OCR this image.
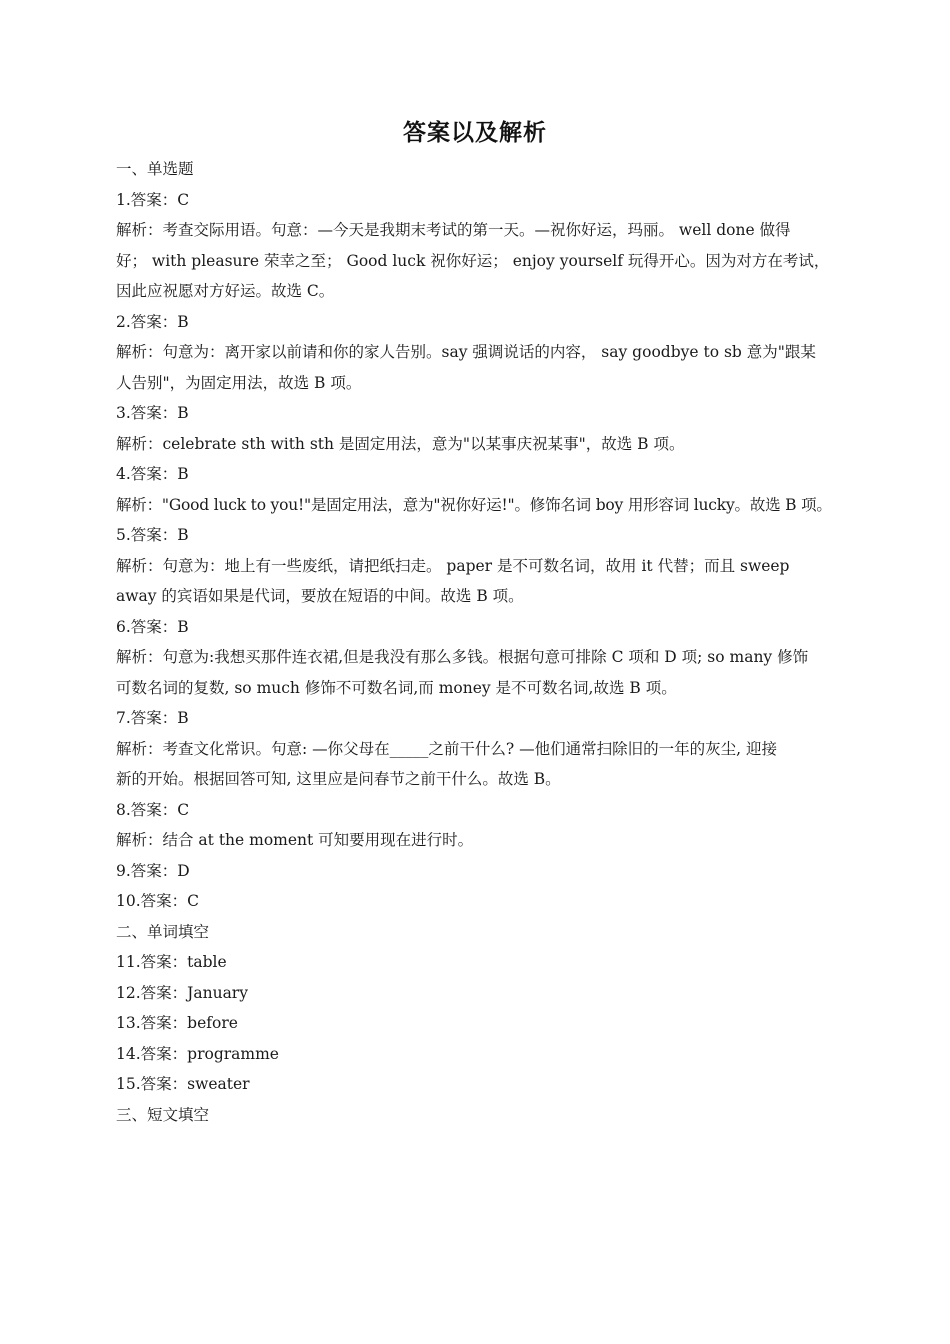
答案以及解析

一、单选题

1.答案：C

解析：考查交际用语。句意：—今天是我期末考试的第一天。—祝你好运，玛丽。 well done 做得

好； with pleasure 荣幸之至； Good luck 祝你好运； enjoy yourself 玩得开心。因为对方在考试，

因此应祝愿对方好运。故选 C。

2.答案：B

解析：句意为：离开家以前请和你的家人告别。say 强调说话的内容， say goodbye to sb 意为"跟某

人告别"，为固定用法，故选 B 项。

3.答案：B

解析：celebrate sth with sth 是固定用法，意为"以某事庆祝某事"，故选 B 项。

4.答案：B

解析："Good luck to you!"是固定用法，意为"祝你好运!"。修饰名词 boy 用形容词 lucky。故选 B 项。

5.答案：B

解析：句意为：地上有一些废纸，请把纸扫走。 paper 是不可数名词，故用 it 代替；而且 sweep

away 的宾语如果是代词，要放在短语的中间。故选 B 项。

6.答案：B

解析：句意为:我想买那件连衣裙,但是我没有那么多钱。根据句意可排除 C 项和 D 项; so many 修饰

可数名词的复数, so much 修饰不可数名词,而 money 是不可数名词,故选 B 项。

7.答案：B

解析：考查文化常识。句意: —你父母在_____之前干什么? —他们通常扫除旧的一年的灰尘, 迎接

新的开始。根据回答可知, 这里应是问春节之前干什么。故选 B。

8.答案：C

解析：结合 at the moment 可知要用现在进行时。

9.答案：D

10.答案：C

二、单词填空

11.答案：table

12.答案：January

13.答案：before

14.答案：programme

15.答案：sweater

三、短文填空
